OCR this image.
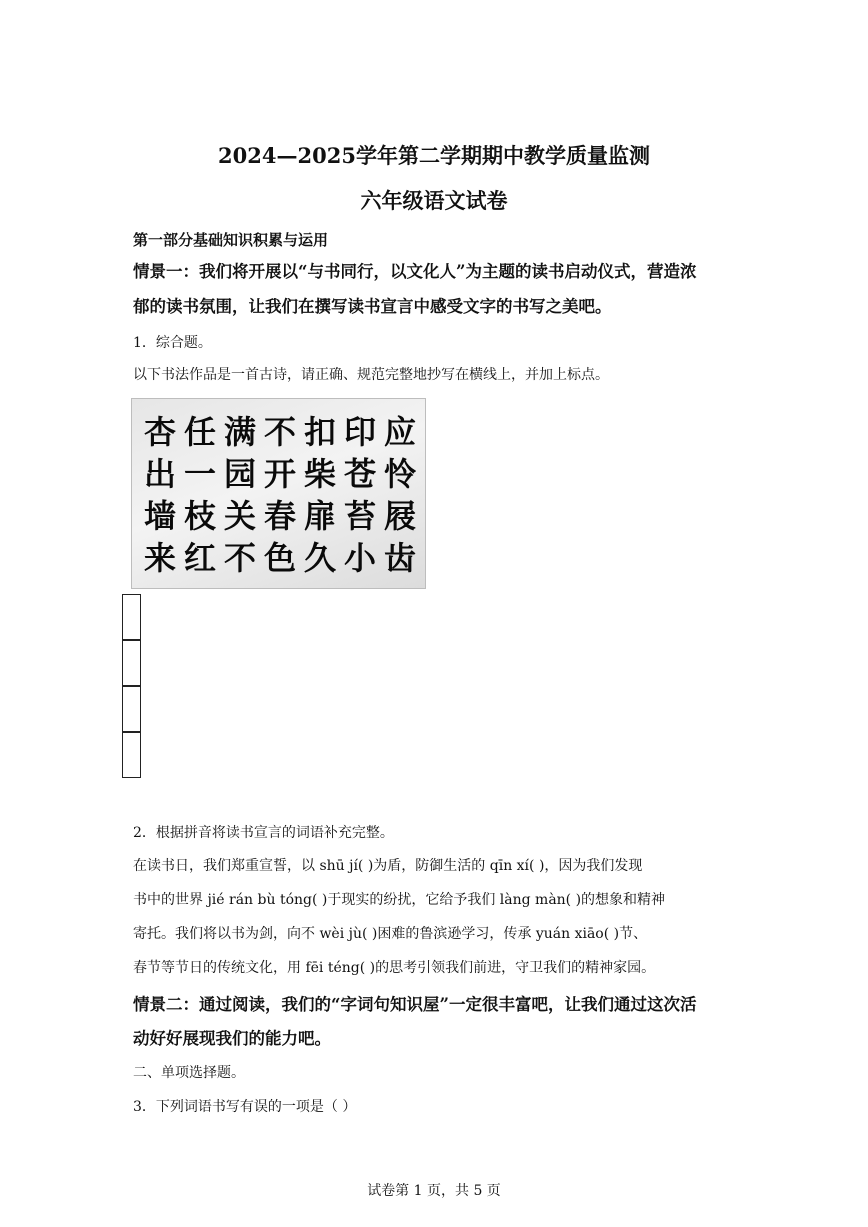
2024—2025学年第二学期期中教学质量监测
六年级语文试卷
第一部分基础知识积累与运用
情景一：我们将开展以“与书同行，以文化人”为主题的读书启动仪式，营造浓
郁的读书氛围，让我们在撰写读书宣言中感受文字的书写之美吧。
1．综合题。
以下书法作品是一首古诗，请正确、规范完整地抄写在横线上，并加上标点。
杏 任 满 不 扣 印 应
出 一 园 开 柴 苍 怜
墙 枝 关 春 扉 苔 屐
来 红 不 色 久 小 齿
2．根据拼音将读书宣言的词语补充完整。
在读书日，我们郑重宣誓，以 shū jí( )为盾，防御生活的 qīn xí( )，因为我们发现
书中的世界 jié rán bù tóng( )于现实的纷扰，它给予我们 làng màn( )的想象和精神
寄托。我们将以书为剑，向不 wèi jù( )困难的鲁滨逊学习，传承 yuán xiāo( )节、
春节等节日的传统文化，用 fēi téng( )的思考引领我们前进，守卫我们的精神家园。
情景二：通过阅读，我们的“字词句知识屋”一定很丰富吧，让我们通过这次活
动好好展现我们的能力吧。
二、单项选择题。
3．下列词语书写有误的一项是（ ）
试卷第 1 页，共 5 页
